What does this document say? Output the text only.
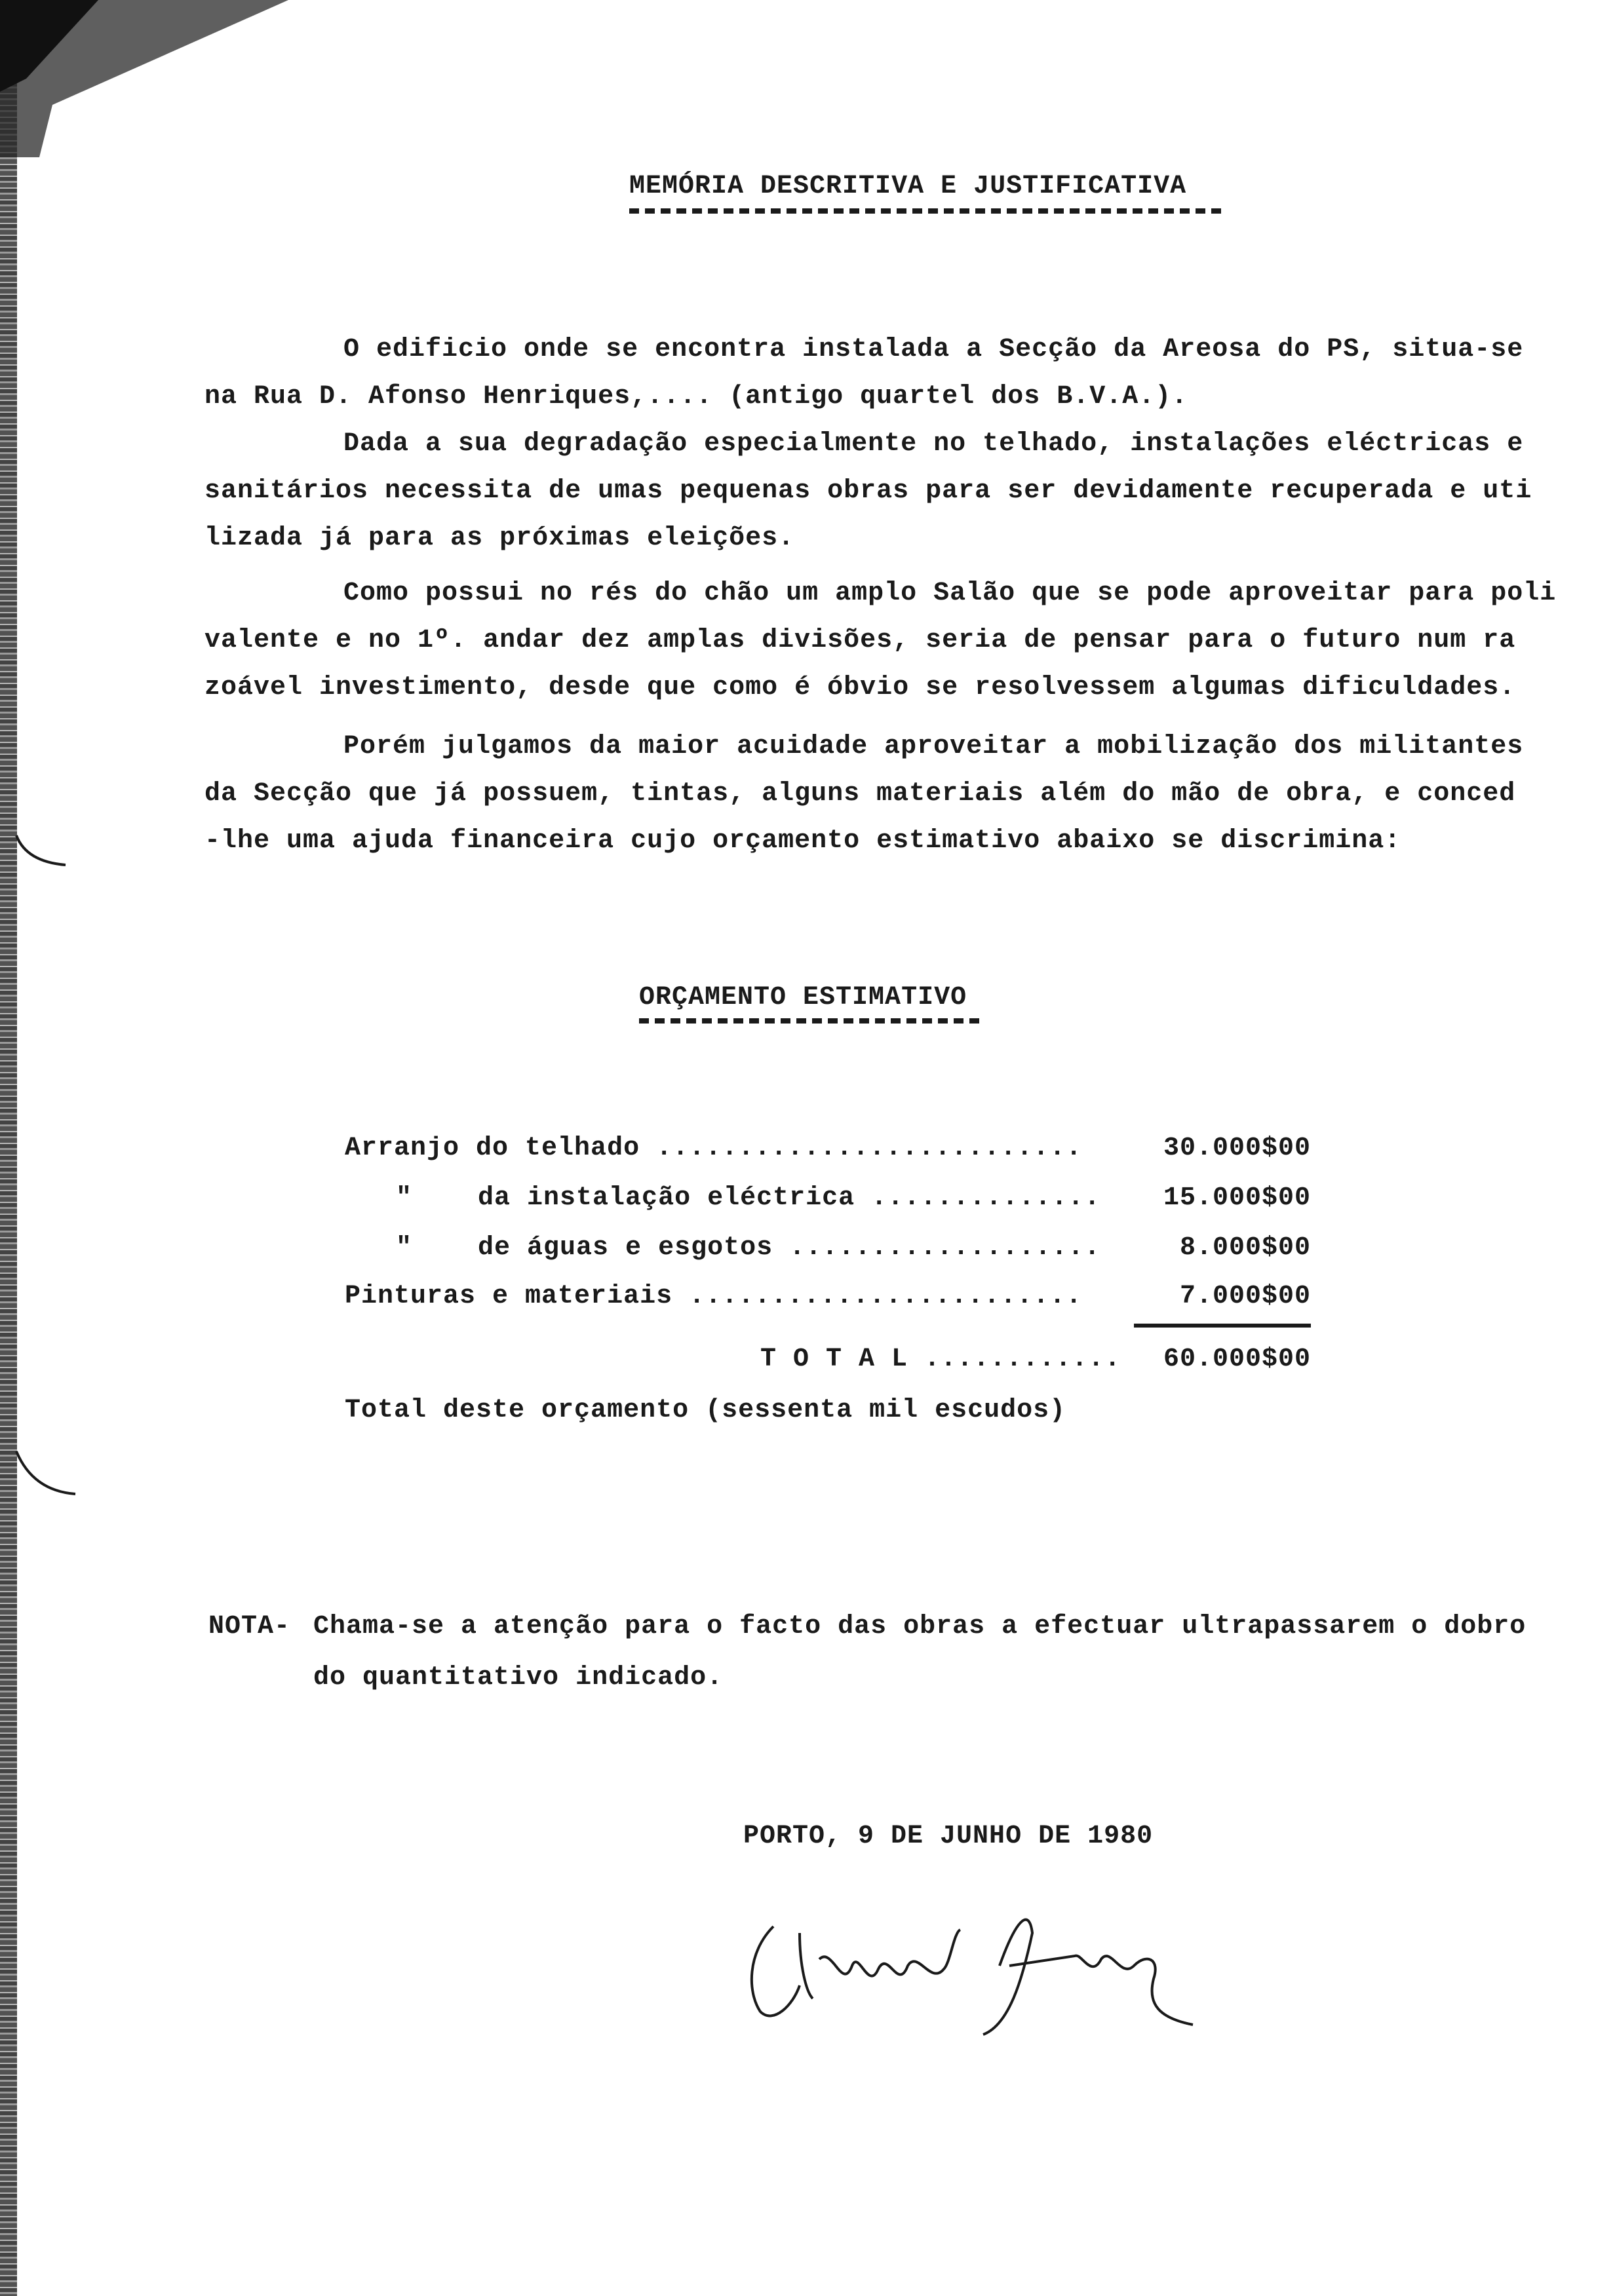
MEMÓRIA DESCRITIVA E JUSTIFICATIVA
O edificio onde se encontra instalada a Secção da Areosa do PS, situa-se
na Rua D. Afonso Henriques,.... (antigo quartel dos B.V.A.).
Dada a sua degradação especialmente no telhado, instalações eléctricas e
sanitários necessita de umas pequenas obras para ser devidamente recuperada e uti
lizada já para as próximas eleições.
Como possui no rés do chão um amplo Salão que se pode aproveitar para poli
valente e no 1º. andar dez amplas divisões, seria de pensar para o futuro num ra
zoável investimento, desde que como é óbvio se resolvessem algumas dificuldades.
Porém julgamos da maior acuidade aproveitar a mobilização dos militantes
da Secção que já possuem, tintas, alguns materiais além do mão de obra, e conced
-lhe uma ajuda financeira cujo orçamento estimativo abaixo se discrimina:
ORÇAMENTO ESTIMATIVO
Arranjo do telhado ..........................	30.000$00
"    da instalação eléctrica ..............	15.000$00
"    de águas e esgotos ...................	8.000$00
Pinturas e materiais ........................	7.000$00
T O T A L ............	60.000$00
Total deste orçamento (sessenta mil escudos)
NOTA- Chama-se a atenção para o facto das obras a efectuar ultrapassarem o dobro
do quantitativo indicado.
PORTO, 9 DE JUNHO DE 1980
